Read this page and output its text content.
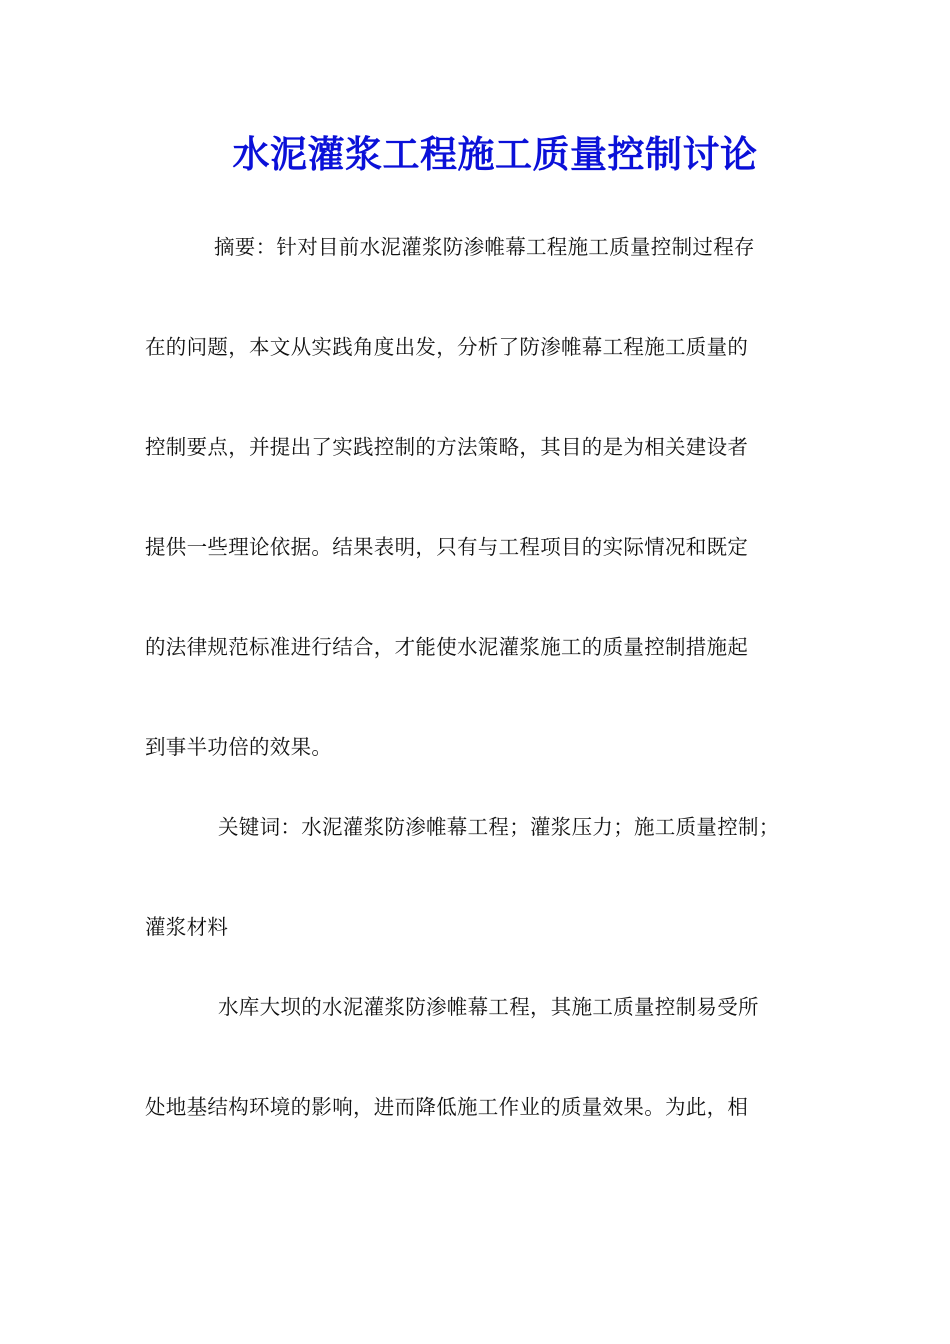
水泥灌浆工程施工质量控制讨论

摘要：针对目前水泥灌浆防渗帷幕工程施工质量控制过程存

在的问题，本文从实践角度出发，分析了防渗帷幕工程施工质量的

控制要点，并提出了实践控制的方法策略，其目的是为相关建设者

提供一些理论依据。结果表明，只有与工程项目的实际情况和既定

的法律规范标准进行结合，才能使水泥灌浆施工的质量控制措施起

到事半功倍的效果。

关键词：水泥灌浆防渗帷幕工程；灌浆压力；施工质量控制；

灌浆材料

水库大坝的水泥灌浆防渗帷幕工程，其施工质量控制易受所

处地基结构环境的影响，进而降低施工作业的质量效果。为此，相
